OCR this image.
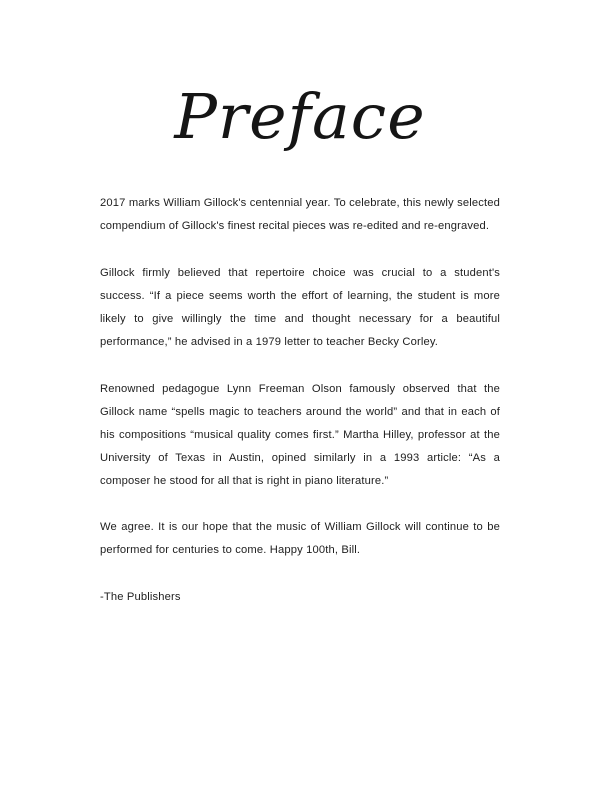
Preface

2017 marks William Gillock's centennial year. To celebrate, this newly selected compendium of Gillock's finest recital pieces was re-edited and re-engraved.

Gillock firmly believed that repertoire choice was crucial to a student's success. “If a piece seems worth the effort of learning, the student is more likely to give willingly the time and thought necessary for a beautiful performance,” he advised in a 1979 letter to teacher Becky Corley.

Renowned pedagogue Lynn Freeman Olson famously observed that the Gillock name “spells magic to teachers around the world” and that in each of his compositions “musical quality comes first.” Martha Hilley, professor at the University of Texas in Austin, opined similarly in a 1993 article: “As a composer he stood for all that is right in piano literature.”

We agree. It is our hope that the music of William Gillock will continue to be performed for centuries to come. Happy 100th, Bill.

-The Publishers
